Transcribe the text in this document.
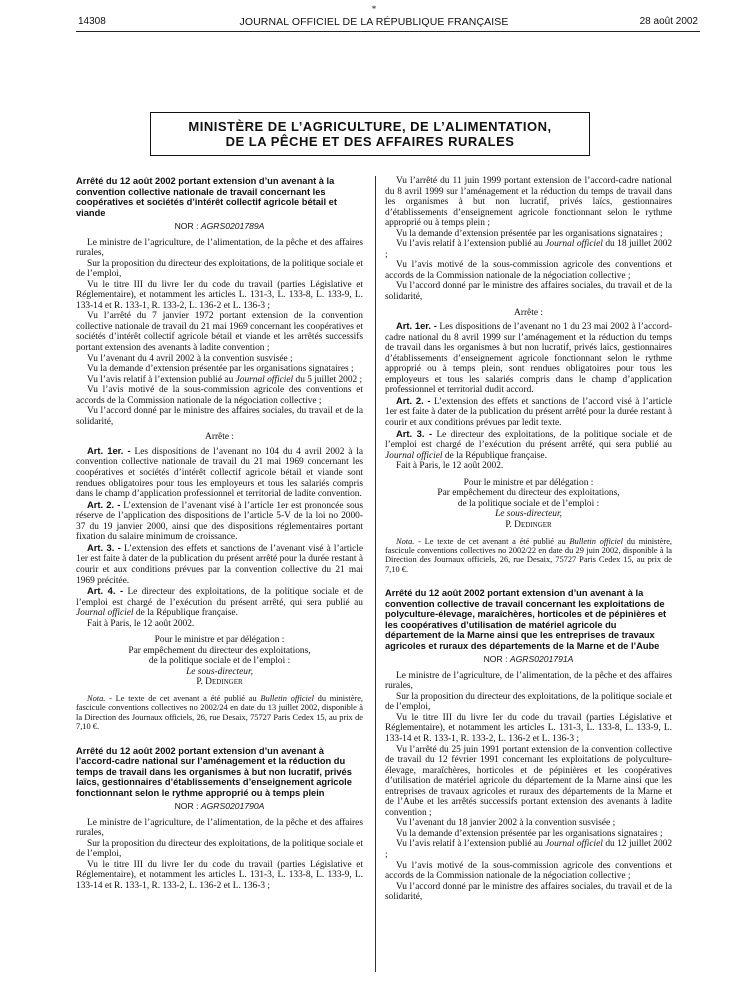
*
14308	JOURNAL OFFICIEL DE LA RÉPUBLIQUE FRANÇAISE	28 août 2002
MINISTÈRE DE L’AGRICULTURE, DE L’ALIMENTATION,
DE LA PÊCHE ET DES AFFAIRES RURALES

Arrêté du 12 août 2002 portant extension d’un avenant à la convention collective nationale de travail concernant les coopératives et sociétés d’intérêt collectif agricole bétail et viande

NOR : AGRS0201789A

Le ministre de l’agriculture, de l’alimentation, de la pêche et des affaires rurales,

Sur la proposition du directeur des exploitations, de la politique sociale et de l’emploi,

Vu le titre III du livre Ier du code du travail (parties Législative et Réglementaire), et notamment les articles L. 131-3, L. 133-8, L. 133-9, L. 133-14 et R. 133-1, R. 133-2, L. 136-2 et L. 136-3 ;

Vu l’arrêté du 7 janvier 1972 portant extension de la convention collective nationale de travail du 21 mai 1969 concernant les coopératives et sociétés d’intérêt collectif agricole bétail et viande et les arrêtés successifs portant extension des avenants à ladite convention ;

Vu l’avenant du 4 avril 2002 à la convention susvisée ;

Vu la demande d’extension présentée par les organisations signataires ;

Vu l’avis relatif à l’extension publié au Journal officiel du 5 juillet 2002 ;

Vu l’avis motivé de la sous-commission agricole des conventions et accords de la Commission nationale de la négociation collective ;

Vu l’accord donné par le ministre des affaires sociales, du travail et de la solidarité,

Arrête :

Art. 1er. - Les dispositions de l’avenant no 104 du 4 avril 2002 à la convention collective nationale de travail du 21 mai 1969 concernant les coopératives et sociétés d’intérêt collectif agricole bétail et viande sont rendues obligatoires pour tous les employeurs et tous les salariés compris dans le champ d’application professionnel et territorial de ladite convention.

Art. 2. - L’extension de l’avenant visé à l’article 1er est prononcée sous réserve de l’application des dispositions de l’article 5-V de la loi no 2000-37 du 19 janvier 2000, ainsi que des dispositions réglementaires portant fixation du salaire minimum de croissance.

Art. 3. - L’extension des effets et sanctions de l’avenant visé à l’article 1er est faite à dater de la publication du présent arrêté pour la durée restant à courir et aux conditions prévues par la convention collective du 21 mai 1969 précitée.

Art. 4. - Le directeur des exploitations, de la politique sociale et de l’emploi est chargé de l’exécution du présent arrêté, qui sera publié au Journal officiel de la République française.

Fait à Paris, le 12 août 2002.

Pour le ministre et par délégation :

Par empêchement du directeur des exploitations,

de la politique sociale et de l’emploi :

Le sous-directeur,

P. Dedinger

Nota. - Le texte de cet avenant a été publié au Bulletin officiel du ministère, fascicule conventions collectives no 2002/24 en date du 13 juillet 2002, disponible à la Direction des Journaux officiels, 26, rue Desaix, 75727 Paris Cedex 15, au prix de 7,10 €.

Arrêté du 12 août 2002 portant extension d’un avenant à l’accord-cadre national sur l’aménagement et la réduction du temps de travail dans les organismes à but non lucratif, privés laïcs, gestionnaires d’établissements d’enseignement agricole fonctionnant selon le rythme approprié ou à temps plein

NOR : AGRS0201790A

Le ministre de l’agriculture, de l’alimentation, de la pêche et des affaires rurales,

Sur la proposition du directeur des exploitations, de la politique sociale et de l’emploi,

Vu le titre III du livre Ier du code du travail (parties Législative et Réglementaire), et notamment les articles L. 131-3, L. 133-8, L. 133-9, L. 133-14 et R. 133-1, R. 133-2, L. 136-2 et L. 136-3 ;

Vu l’arrêté du 11 juin 1999 portant extension de l’accord-cadre national du 8 avril 1999 sur l’aménagement et la réduction du temps de travail dans les organismes à but non lucratif, privés laïcs, gestionnaires d’établissements d’enseignement agricole fonctionnant selon le rythme approprié ou à temps plein ;

Vu la demande d’extension présentée par les organisations signataires ;

Vu l’avis relatif à l’extension publié au Journal officiel du 18 juillet 2002 ;

Vu l’avis motivé de la sous-commission agricole des conventions et accords de la Commission nationale de la négociation collective ;

Vu l’accord donné par le ministre des affaires sociales, du travail et de la solidarité,

Arrête :

Art. 1er. - Les dispositions de l’avenant no 1 du 23 mai 2002 à l’accord-cadre national du 8 avril 1999 sur l’aménagement et la réduction du temps de travail dans les organismes à but non lucratif, privés laïcs, gestionnaires d’établissements d’enseignement agricole fonctionnant selon le rythme approprié ou à temps plein, sont rendues obligatoires pour tous les employeurs et tous les salariés compris dans le champ d’application professionnel et territorial dudit accord.

Art. 2. - L’extension des effets et sanctions de l’accord visé à l’article 1er est faite à dater de la publication du présent arrêté pour la durée restant à courir et aux conditions prévues par ledit texte.

Art. 3. - Le directeur des exploitations, de la politique sociale et de l’emploi est chargé de l’exécution du présent arrêté, qui sera publié au Journal officiel de la République française.

Fait à Paris, le 12 août 2002.

Pour le ministre et par délégation :

Par empêchement du directeur des exploitations,

de la politique sociale et de l’emploi :

Le sous-directeur,

P. Dedinger

Nota. - Le texte de cet avenant a été publié au Bulletin officiel du ministère, fascicule conventions collectives no 2002/22 en date du 29 juin 2002, disponible à la Direction des Journaux officiels, 26, rue Desaix, 75727 Paris Cedex 15, au prix de 7,10 €.

Arrêté du 12 août 2002 portant extension d’un avenant à la convention collective de travail concernant les exploitations de polyculture-élevage, maraîchères, horticoles et de pépinières et les coopératives d’utilisation de matériel agricole du département de la Marne ainsi que les entreprises de travaux agricoles et ruraux des départements de la Marne et de l’Aube

NOR : AGRS0201791A

Le ministre de l’agriculture, de l’alimentation, de la pêche et des affaires rurales,

Sur la proposition du directeur des exploitations, de la politique sociale et de l’emploi,

Vu le titre III du livre Ier du code du travail (parties Législative et Réglementaire), et notamment les articles L. 131-3, L. 133-8, L. 133-9, L. 133-14 et R. 133-1, R. 133-2, L. 136-2 et L. 136-3 ;

Vu l’arrêté du 25 juin 1991 portant extension de la convention collective de travail du 12 février 1991 concernant les exploitations de polyculture-élevage, maraîchères, horticoles et de pépinières et les coopératives d’utilisation de matériel agricole du département de la Marne ainsi que les entreprises de travaux agricoles et ruraux des départements de la Marne et de l’Aube et les arrêtés successifs portant extension des avenants à ladite convention ;

Vu l’avenant du 18 janvier 2002 à la convention susvisée ;

Vu la demande d’extension présentée par les organisations signataires ;

Vu l’avis relatif à l’extension publié au Journal officiel du 12 juillet 2002 ;

Vu l’avis motivé de la sous-commission agricole des conventions et accords de la Commission nationale de la négociation collective ;

Vu l’accord donné par le ministre des affaires sociales, du travail et de la solidarité,
